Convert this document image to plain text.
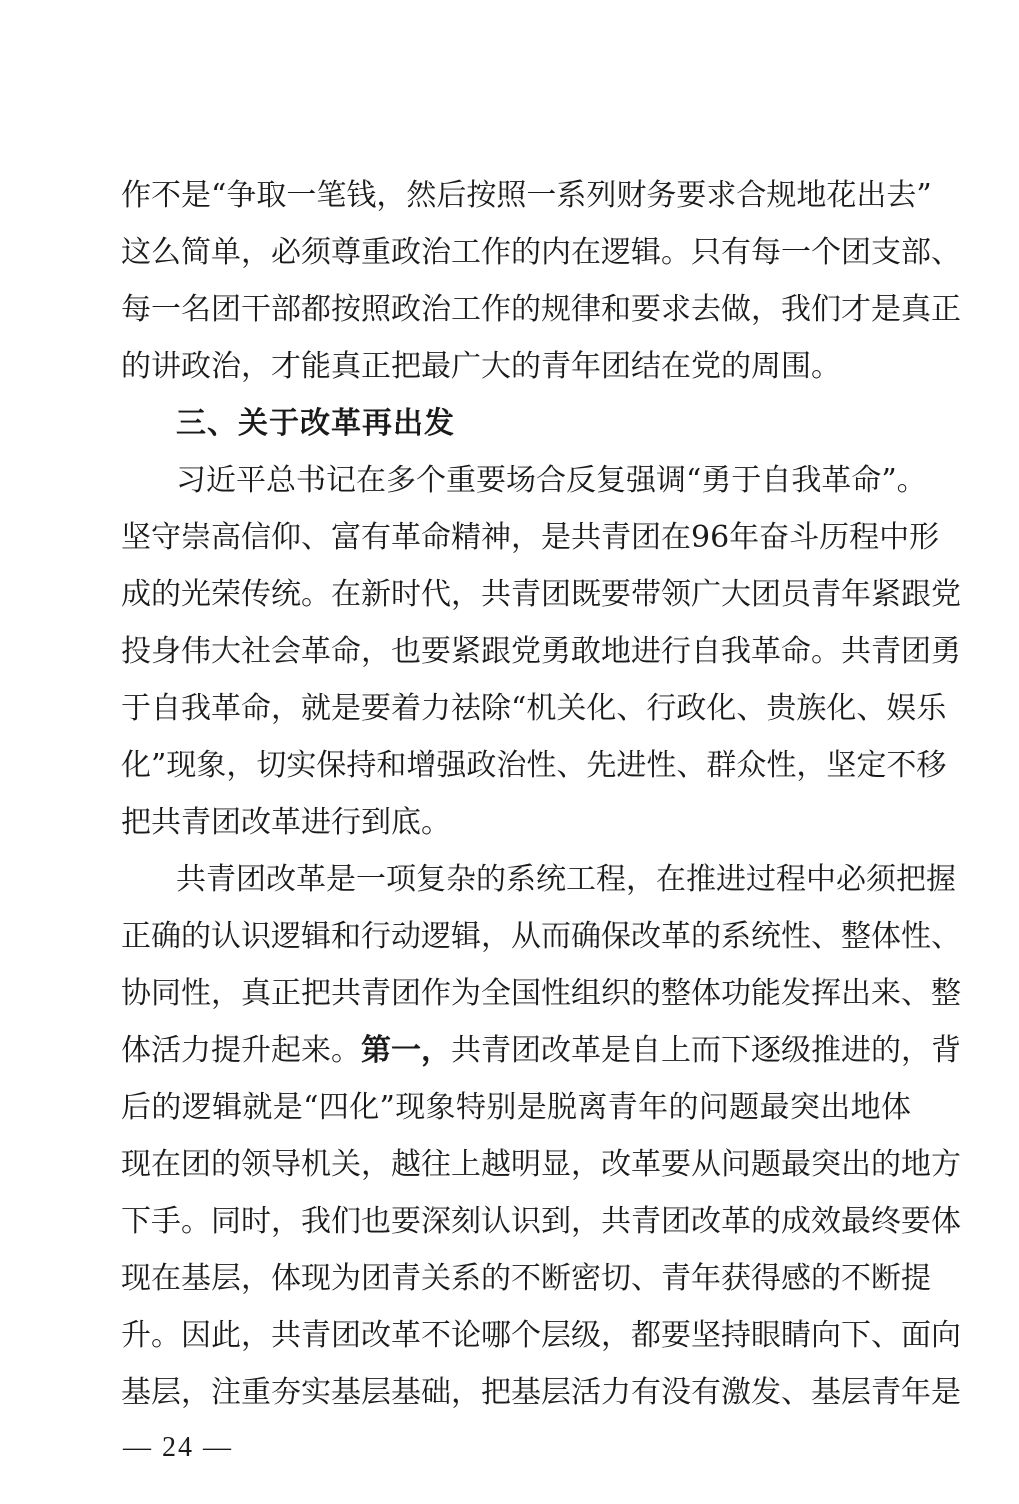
作不是“争取一笔钱，然后按照一系列财务要求合规地花出去”
这么简单，必须尊重政治工作的内在逻辑。只有每一个团支部、
每一名团干部都按照政治工作的规律和要求去做，我们才是真正
的讲政治，才能真正把最广大的青年团结在党的周围。
三、关于改革再出发
习近平总书记在多个重要场合反复强调“勇于自我革命”。
坚守崇高信仰、富有革命精神，是共青团在96年奋斗历程中形
成的光荣传统。在新时代，共青团既要带领广大团员青年紧跟党
投身伟大社会革命，也要紧跟党勇敢地进行自我革命。共青团勇
于自我革命，就是要着力祛除“机关化、行政化、贵族化、娱乐
化”现象，切实保持和增强政治性、先进性、群众性，坚定不移
把共青团改革进行到底。
共青团改革是一项复杂的系统工程，在推进过程中必须把握
正确的认识逻辑和行动逻辑，从而确保改革的系统性、整体性、
协同性，真正把共青团作为全国性组织的整体功能发挥出来、整
体活力提升起来。第一，共青团改革是自上而下逐级推进的，背
后的逻辑就是“四化”现象特别是脱离青年的问题最突出地体
现在团的领导机关，越往上越明显，改革要从问题最突出的地方
下手。同时，我们也要深刻认识到，共青团改革的成效最终要体
现在基层，体现为团青关系的不断密切、青年获得感的不断提
升。因此，共青团改革不论哪个层级，都要坚持眼睛向下、面向
基层，注重夯实基层基础，把基层活力有没有激发、基层青年是
— 24 —
